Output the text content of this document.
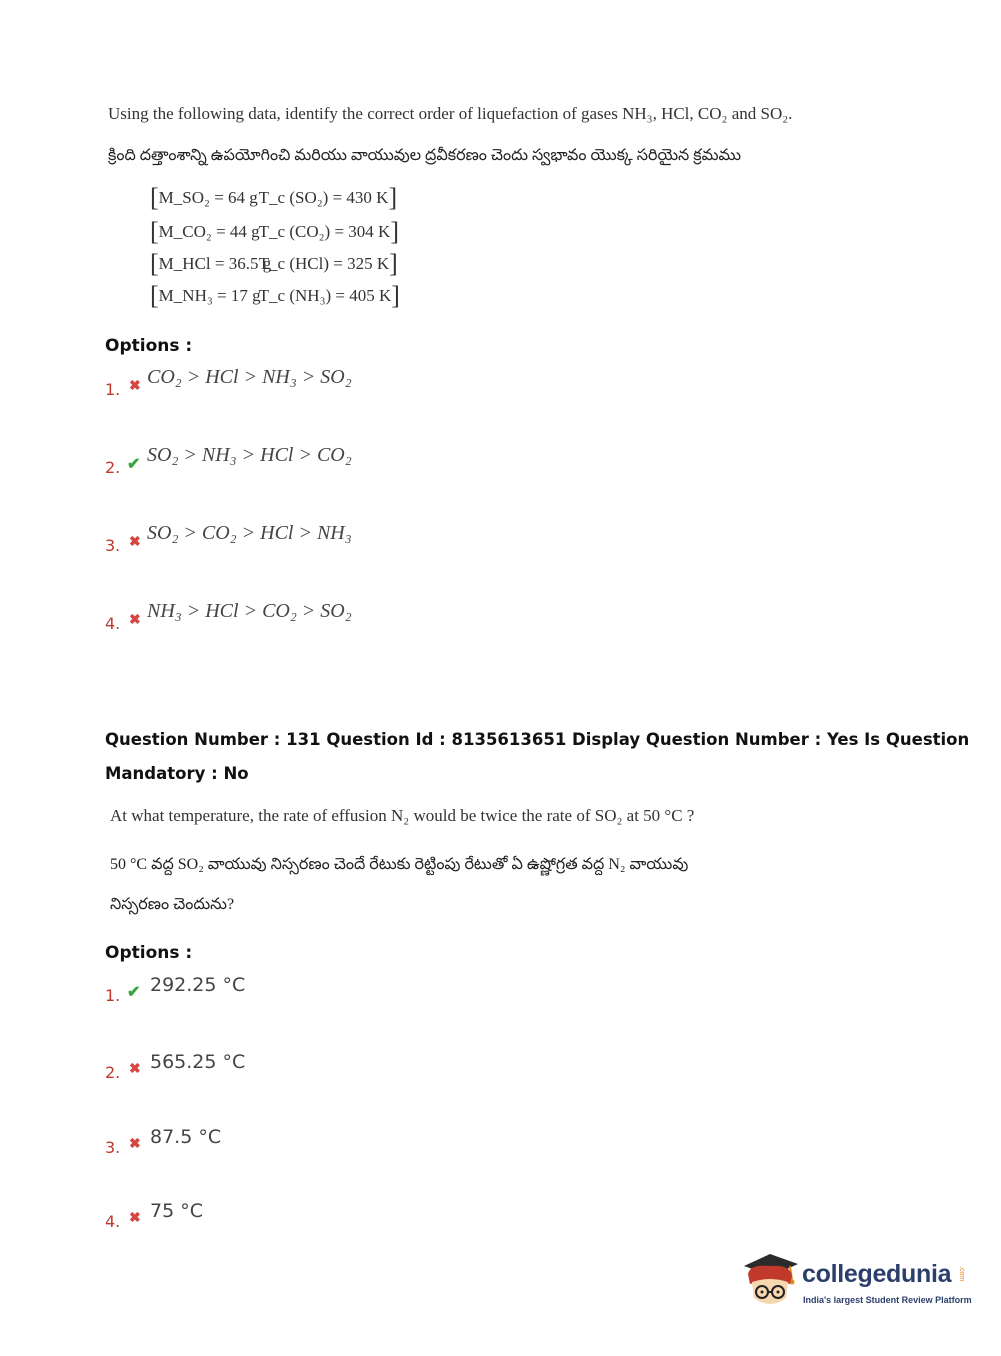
Using the following data, identify the correct order of liquefaction of gases NH₃, HCl, CO₂ and SO₂.
క్రింది దత్తాంశాన్ని ఉపయోగించి మరియు వాయువుల ద్రవీకరణం చెందు స్వభావం యొక్క సరియైన క్రమము
[M_SO₂ = 64 gT_c (SO₂) = 430 K]
[M_CO₂ = 44 gT_c (CO₂) = 304 K]
[M_HCl = 36.5 gT_c (HCl) = 325 K]
[M_NH₃ = 17 gT_c (NH₃) = 405 K]
Options :
1. ✖ CO₂ > HCl > NH₃ > SO₂
2. ✔ SO₂ > NH₃ > HCl > CO₂
3. ✖ SO₂ > CO₂ > HCl > NH₃
4. ✖ NH₃ > HCl > CO₂ > SO₂
Question Number : 131 Question Id : 8135613651 Display Question Number : Yes Is Question
Mandatory : No
At what temperature, the rate of effusion N₂ would be twice the rate of SO₂ at 50 °C ?
50 °C వద్ద SO₂ వాయువు నిస్సరణం చెందే రేటుకు రెట్టింపు రేటుతో ఏ ఉష్ణోగ్రత వద్ద N₂ వాయువు
నిస్సరణం చెందును?
Options :
1. ✔ 292.25 °C
2. ✖ 565.25 °C
3. ✖ 87.5 °C
4. ✖ 75 °C
collegedunia .com
India's largest Student Review Platform
